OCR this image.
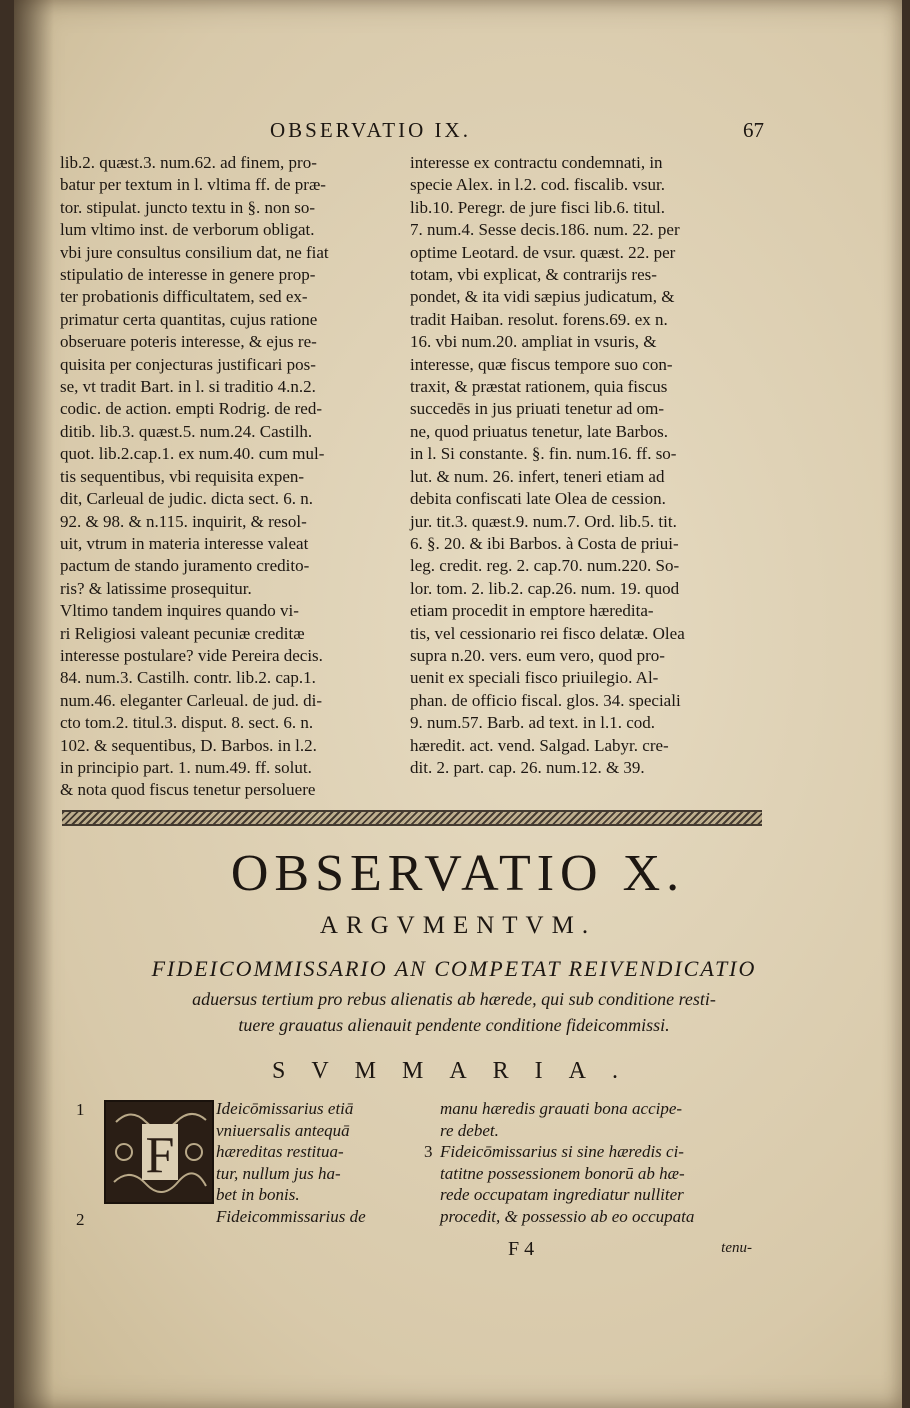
OBSERVATIO IX.	67
lib.2. quæst.3. num.62. ad finem, pro-
batur per textum in l. vltima ff. de præ-
tor. stipulat. juncto textu in §. non so-
lum vltimo inst. de verborum obligat.
vbi jure consultus consilium dat, ne fiat
stipulatio de interesse in genere prop-
ter probationis difficultatem, sed ex-
primatur certa quantitas, cujus ratione
obseruare poteris interesse, & ejus re-
quisita per conjecturas justificari pos-
se, vt tradit Bart. in l. si traditio 4.n.2.
codic. de action. empti Rodrig. de red-
ditib. lib.3. quæst.5. num.24. Castilh.
quot. lib.2.cap.1. ex num.40. cum mul-
tis sequentibus, vbi requisita expen-
dit, Carleual de judic. dicta sect. 6. n.
92. & 98. & n.115. inquirit, & resol-
uit, vtrum in materia interesse valeat
pactum de stando juramento credito-
ris? & latissime prosequitur.
Vltimo tandem inquires quando vi-
ri Religiosi valeant pecuniæ creditæ
interesse postulare? vide Pereira decis.
84. num.3. Castilh. contr. lib.2. cap.1.
num.46. eleganter Carleual. de jud. di-
cto tom.2. titul.3. disput. 8. sect. 6. n.
102. & sequentibus, D. Barbos. in l.2.
in principio part. 1. num.49. ff. solut.
& nota quod fiscus tenetur persoluere
interesse ex contractu condemnati, in
specie Alex. in l.2. cod. fiscalib. vsur.
lib.10. Peregr. de jure fisci lib.6. titul.
7. num.4. Sesse decis.186. num. 22. per
optime Leotard. de vsur. quæst. 22. per
totam, vbi explicat, & contrarijs res-
pondet, & ita vidi sæpius judicatum, &
tradit Haiban. resolut. forens.69. ex n.
16. vbi num.20. ampliat in vsuris, &
interesse, quæ fiscus tempore suo con-
traxit, & præstat rationem, quia fiscus
succedēs in jus priuati tenetur ad om-
ne, quod priuatus tenetur, late Barbos.
in l. Si constante. §. fin. num.16. ff. so-
lut. & num. 26. infert, teneri etiam ad
debita confiscati late Olea de cession.
jur. tit.3. quæst.9. num.7. Ord. lib.5. tit.
6. §. 20. & ibi Barbos. à Costa de priui-
leg. credit. reg. 2. cap.70. num.220. So-
lor. tom. 2. lib.2. cap.26. num. 19. quod
etiam procedit in emptore hæredita-
tis, vel cessionario rei fisco delatæ. Olea
supra n.20. vers. eum vero, quod pro-
uenit ex speciali fisco priuilegio. Al-
phan. de officio fiscal. glos. 34. speciali
9. num.57. Barb. ad text. in l.1. cod.
hæredit. act. vend. Salgad. Labyr. cre-
dit. 2. part. cap. 26. num.12. & 39.
OBSERVATIO X.
ARGVMENTVM.
FIDEICOMMISSARIO AN COMPETAT REIVENDICATIO
aduersus tertium pro rebus alienatis ab hærede, qui sub conditione resti-
tuere grauatus alienauit pendente conditione fideicommissi.
SVMMARIA.
1
2
3
F
Ideicōmissarius etiā
vniuersalis antequā
hæreditas restitua-
tur, nullum jus ha-
bet in bonis.
Fideicommissarius de
manu hæredis grauati bona accipe-
re debet.
Fideicōmissarius si sine hæredis ci-
tatitne possessionem bonorū ab hæ-
rede occupatam ingrediatur nulliter
procedit, & possessio ab eo occupata
F 4	tenu-
